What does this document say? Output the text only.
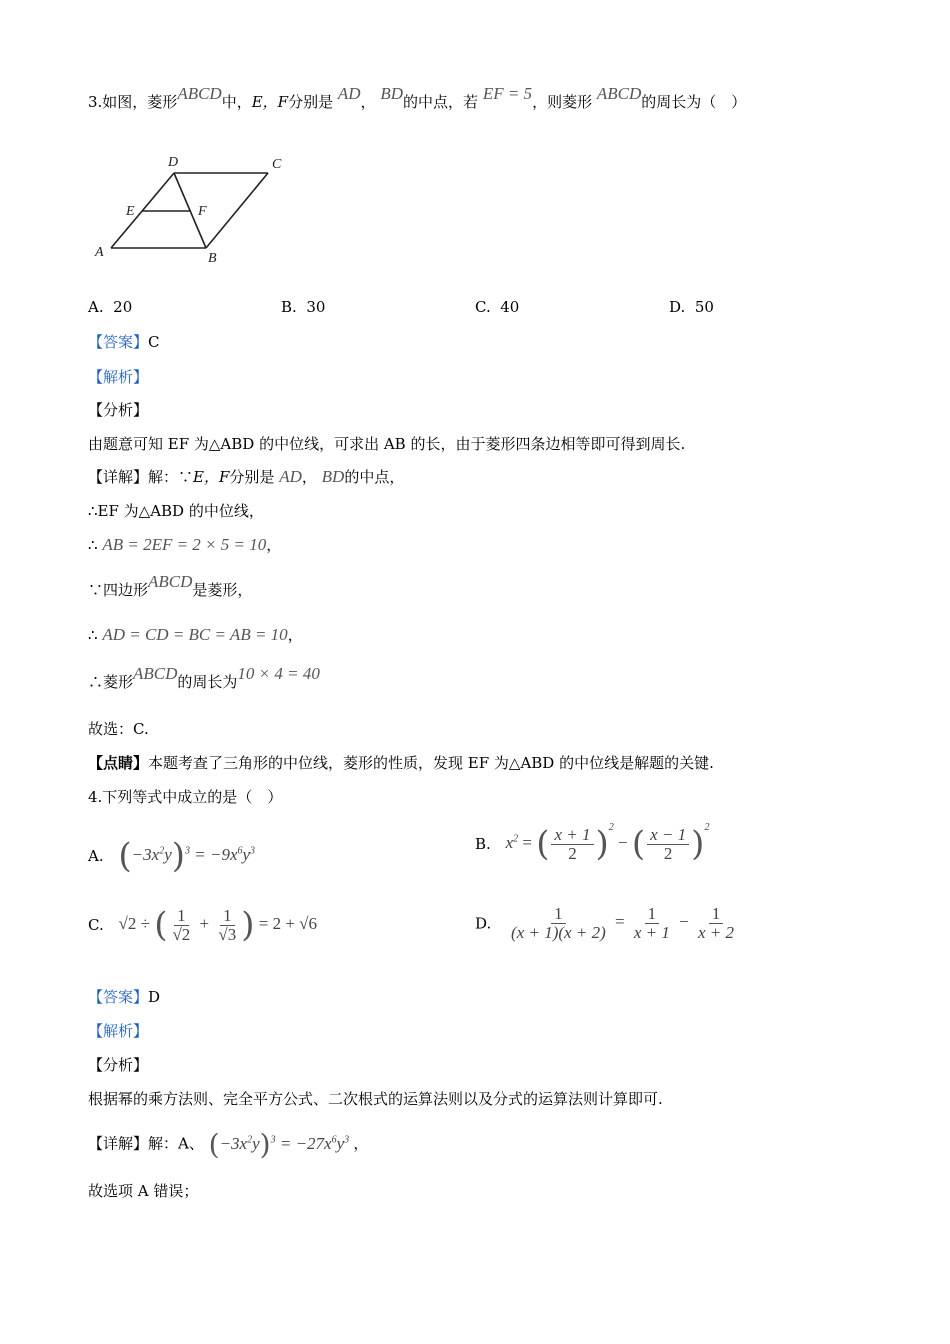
3.如图，菱形ABCD中，E，F分别是 AD， BD的中点，若 EF = 5，则菱形 ABCD的周长为（　）
D	C
E	F
A	B
A. 20	B. 30	C. 40	D. 50
【答案】C
【解析】
【分析】
由题意可知 EF 为△ABD 的中位线，可求出 AB 的长，由于菱形四条边相等即可得到周长.
【详解】解：∵E，F分别是 AD， BD的中点，
∴EF 为△ABD 的中位线，
∴ AB = 2EF = 2 × 5 = 10，
∵四边形ABCD是菱形，
∴ AD = CD = BC = AB = 10，
∴菱形ABCD的周长为10 × 4 = 40
故选：C.
【点睛】本题考查了三角形的中位线，菱形的性质，发现 EF 为△ABD 的中位线是解题的关键.
4.下列等式中成立的是（　）
A. $(-3x^2y)^3 = -9x^6y^3$	B. $x^2$ = ( $\frac{x + 1}{2} )^2$ − ( $\frac{x - 1}{2} )^2$
C. √2 ÷ ( $\frac{1}{√2} + \frac{1}{√3}$ ) = 2 + √6	D. $\frac{1}{(x + 1)(x + 2)} = \frac{1}{x + 1} - \frac{1}{x + 2}$
【答案】D
【解析】
【分析】
根据幂的乘方法则、完全平方公式、二次根式的运算法则以及分式的运算法则计算即可.
【详解】解：A、 $(-3x^2y)^3 = -27x^6y^3$ ，
故选项 A 错误；
